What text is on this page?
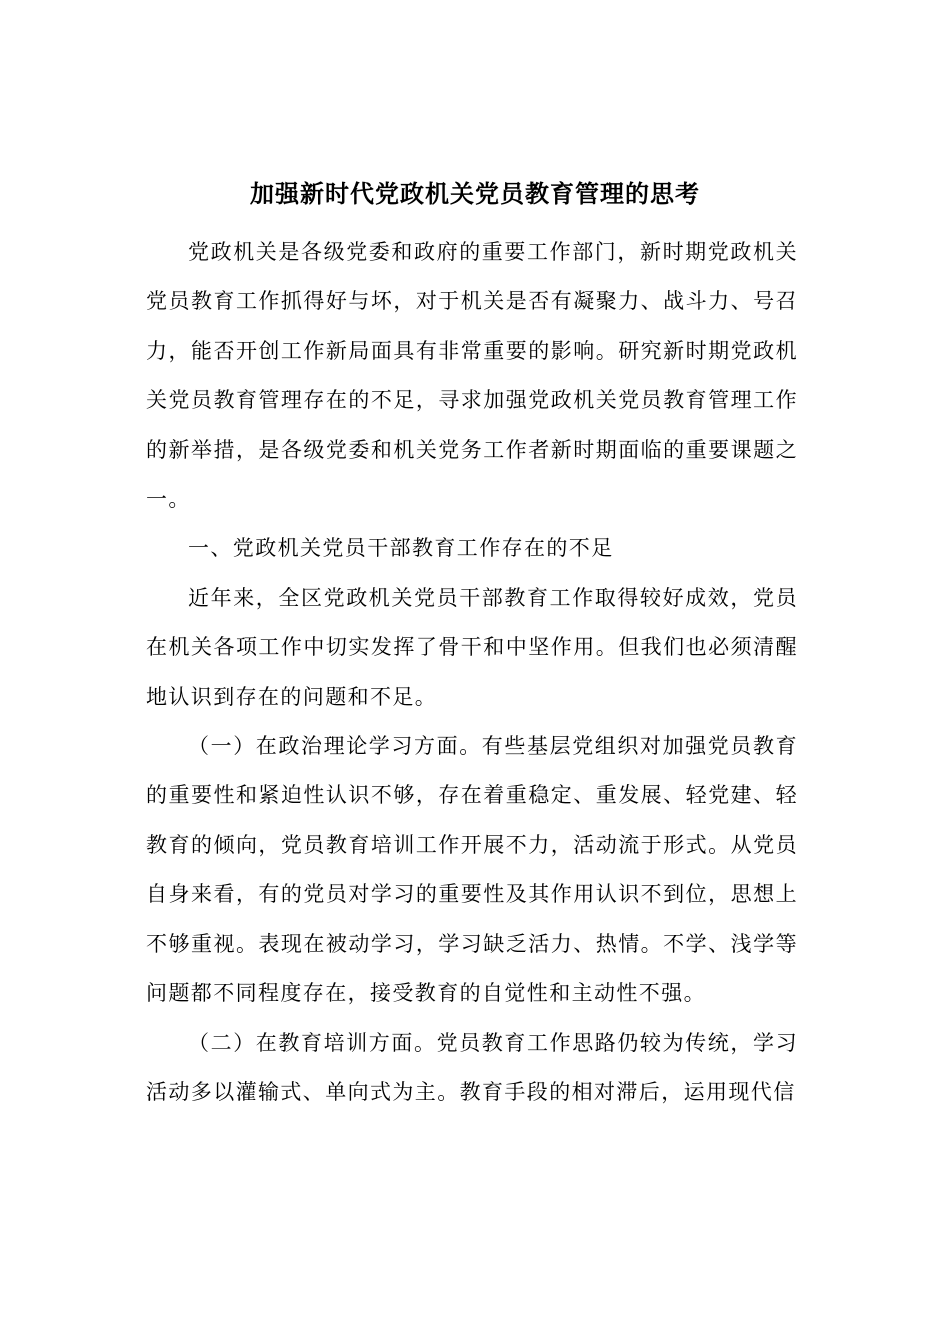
加强新时代党政机关党员教育管理的思考

党政机关是各级党委和政府的重要工作部门，新时期党政机关党员教育工作抓得好与坏，对于机关是否有凝聚力、战斗力、号召力，能否开创工作新局面具有非常重要的影响。研究新时期党政机关党员教育管理存在的不足，寻求加强党政机关党员教育管理工作的新举措，是各级党委和机关党务工作者新时期面临的重要课题之一。

一、党政机关党员干部教育工作存在的不足

近年来，全区党政机关党员干部教育工作取得较好成效，党员在机关各项工作中切实发挥了骨干和中坚作用。但我们也必须清醒地认识到存在的问题和不足。

（一）在政治理论学习方面。有些基层党组织对加强党员教育的重要性和紧迫性认识不够，存在着重稳定、重发展、轻党建、轻教育的倾向，党员教育培训工作开展不力，活动流于形式。从党员自身来看，有的党员对学习的重要性及其作用认识不到位，思想上不够重视。表现在被动学习，学习缺乏活力、热情。不学、浅学等问题都不同程度存在，接受教育的自觉性和主动性不强。

（二）在教育培训方面。党员教育工作思路仍较为传统，学习活动多以灌输式、单向式为主。教育手段的相对滞后，运用现代信
